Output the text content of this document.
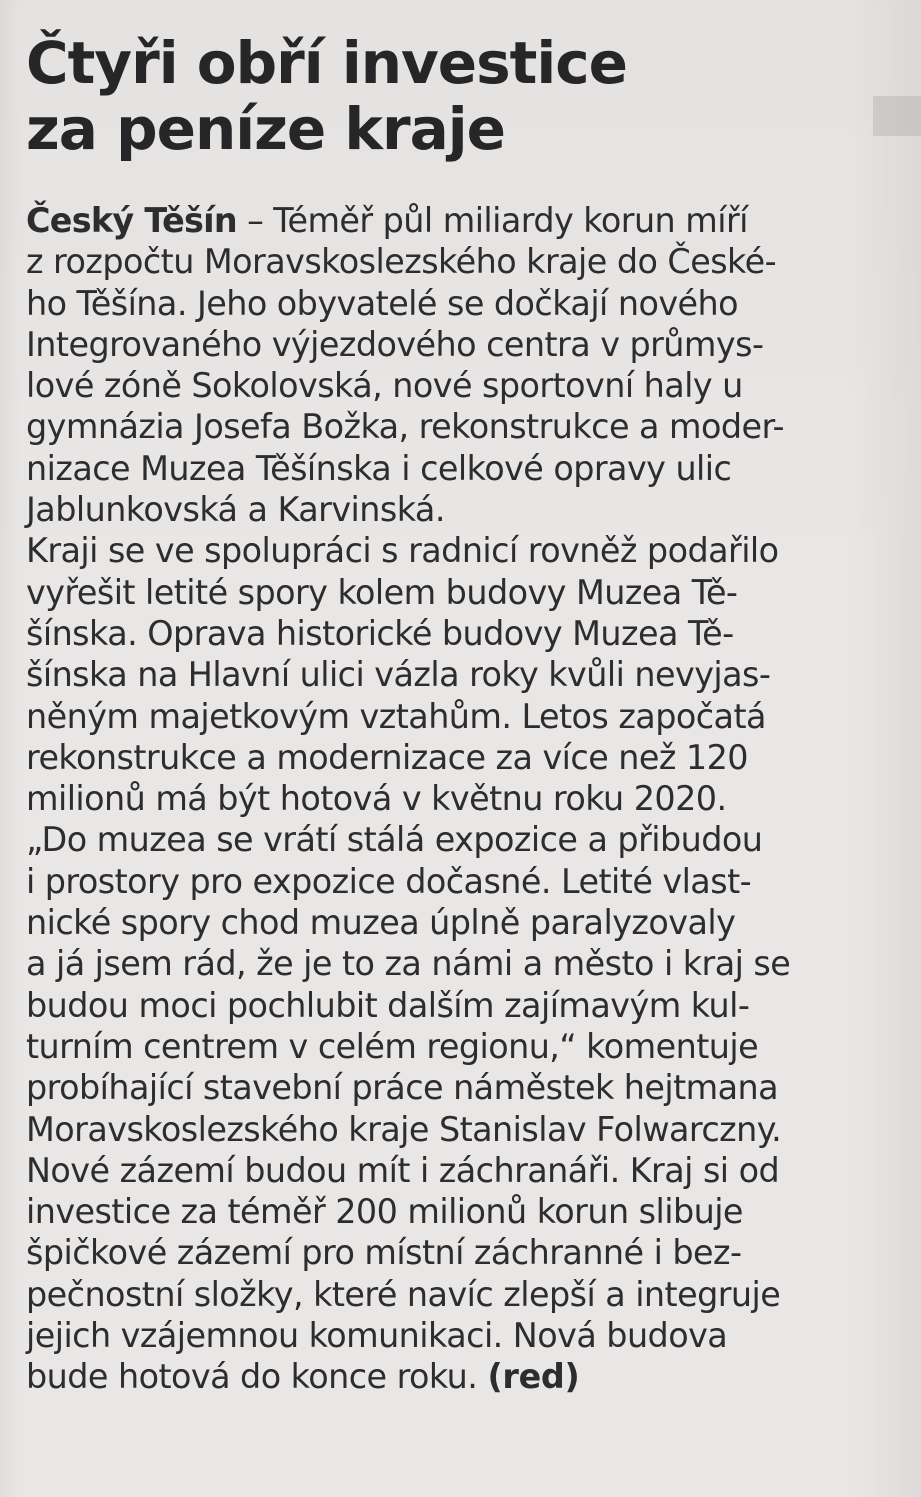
Čtyři obří investice
za peníze kraje
Český Těšín – Téměř půl miliardy korun míří
z rozpočtu Moravskoslezského kraje do České-
ho Těšína. Jeho obyvatelé se dočkají nového
Integrovaného výjezdového centra v průmys-
lové zóně Sokolovská, nové sportovní haly u
gymnázia Josefa Božka, rekonstrukce a moder-
nizace Muzea Těšínska i celkové opravy ulic
Jablunkovská a Karvinská.
Kraji se ve spolupráci s radnicí rovněž podařilo
vyřešit letité spory kolem budovy Muzea Tě-
šínska. Oprava historické budovy Muzea Tě-
šínska na Hlavní ulici vázla roky kvůli nevyjas-
něným majetkovým vztahům. Letos započatá
rekonstrukce a modernizace za více než 120
milionů má být hotová v květnu roku 2020.
„Do muzea se vrátí stálá expozice a přibudou
i prostory pro expozice dočasné. Letité vlast-
nické spory chod muzea úplně paralyzovaly
a já jsem rád, že je to za námi a město i kraj se
budou moci pochlubit dalším zajímavým kul-
turním centrem v celém regionu,“ komentuje
probíhající stavební práce náměstek hejtmana
Moravskoslezského kraje Stanislav Folwarczny.
Nové zázemí budou mít i záchranáři. Kraj si od
investice za téměř 200 milionů korun slibuje
špičkové zázemí pro místní záchranné i bez-
pečnostní složky, které navíc zlepší a integruje
jejich vzájemnou komunikaci. Nová budova
bude hotová do konce roku. (red)
